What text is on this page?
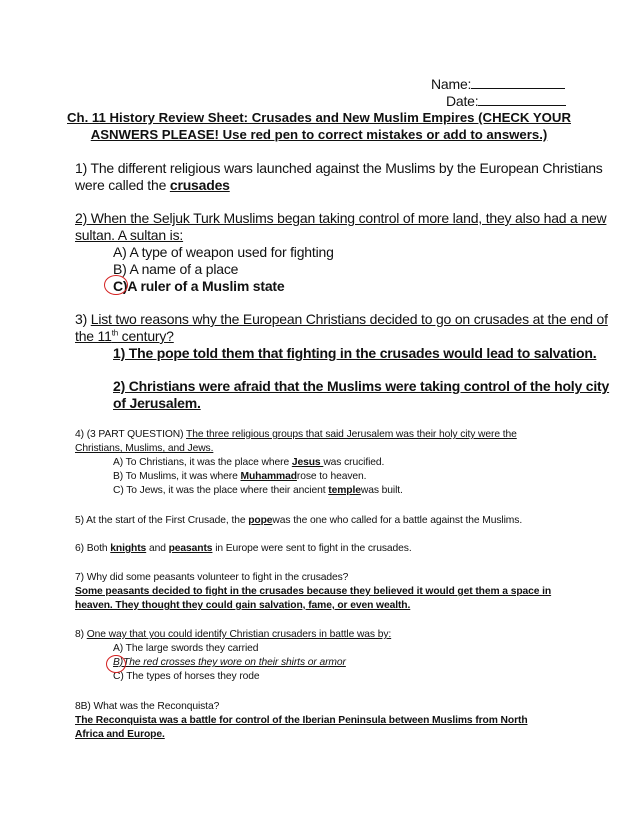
Name:
Date:
Ch. 11 History Review Sheet: Crusades and New Muslim Empires (CHECK YOUR
ASNWERS PLEASE! Use red pen to correct mistakes or add to answers.)
1) The different religious wars launched against the Muslims by the European Christians
were called the crusades
2) When the Seljuk Turk Muslims began taking control of more land, they also had a new
sultan. A sultan is:
A) A type of weapon used for fighting
B) A name of a place
C)A ruler of a Muslim state
3) List two reasons why the European Christians decided to go on crusades at the end of
the 11th century?
1) The pope told them that fighting in the crusades would lead to salvation.
2) Christians were afraid that the Muslims were taking control of the holy city
of Jerusalem.
4) (3 PART QUESTION) The three religious groups that said Jerusalem was their holy city were the
Christians, Muslims, and Jews.
A) To Christians, it was the place where Jesus was crucified.
B) To Muslims, it was where Muhammadrose to heaven.
C) To Jews, it was the place where their ancient templewas built.
5) At the start of the First Crusade, the popewas the one who called for a battle against the Muslims.
6) Both knights and peasants in Europe were sent to fight in the crusades.
7) Why did some peasants volunteer to fight in the crusades?
Some peasants decided to fight in the crusades because they believed it would get them a space in
heaven. They thought they could gain salvation, fame, or even wealth.
8) One way that you could identify Christian crusaders in battle was by:
A) The large swords they carried
B)The red crosses they wore on their shirts or armor
C) The types of horses they rode
8B) What was the Reconquista?
The Reconquista was a battle for control of the Iberian Peninsula between Muslims from North
Africa and Europe.
